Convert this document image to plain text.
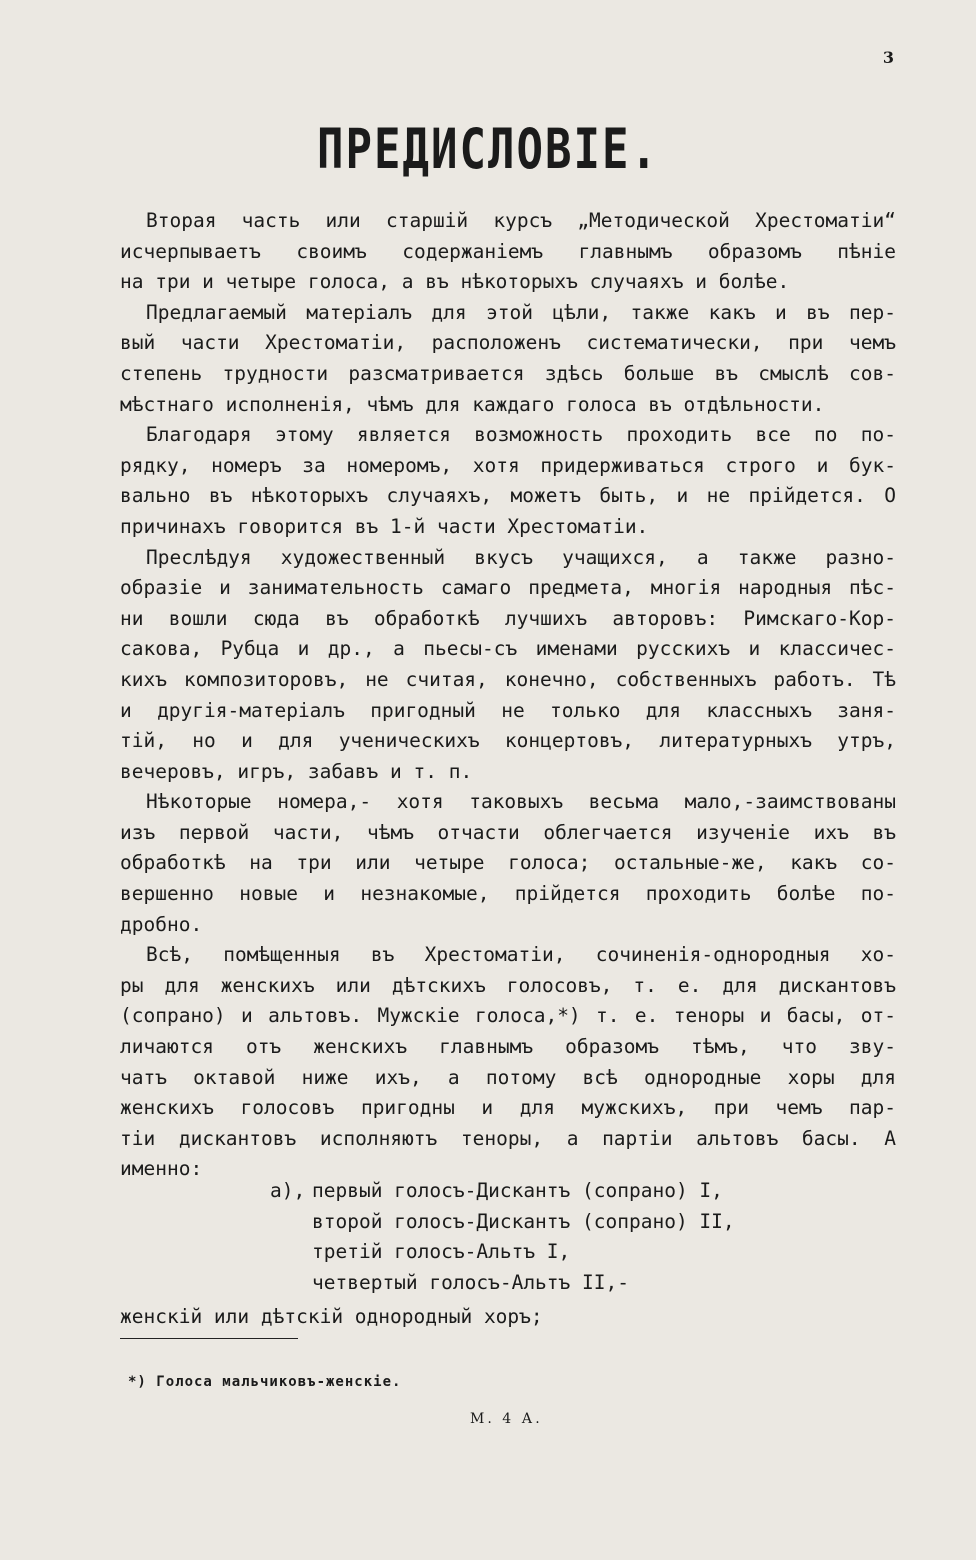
3
ПРЕДИСЛОВІЕ.
Вторая часть или старшій курсъ „Методической Хрестоматіи“
исчерпываетъ своимъ содержаніемъ главнымъ образомъ пѣніе
на три и четыре голоса, а въ нѣкоторыхъ случаяхъ и болѣе.
Предлагаемый матеріалъ для этой цѣли, также какъ и въ пер-
вый части Хрестоматіи, расположенъ систематически, при чемъ
степень трудности разсматривается здѣсь больше въ смыслѣ сов-
мѣстнаго исполненія, чѣмъ для каждаго голоса въ отдѣльности.
Благодаря этому является возможность проходить все по по-
рядку, номеръ за номеромъ, хотя придерживаться строго и бук-
вально въ нѣкоторыхъ случаяхъ, можетъ быть, и не прійдется. О
причинахъ говорится въ 1-й части Хрестоматіи.
Преслѣдуя художественный вкусъ учащихся, а также разно-
образіе и занимательность самаго предмета, многія народныя пѣс-
ни вошли сюда въ обработкѣ лучшихъ авторовъ: Римскаго-Кор-
сакова, Рубца и др., а пьесы-съ именами русскихъ и классичес-
кихъ композиторовъ, не считая, конечно, собственныхъ работъ. Тѣ
и другія-матеріалъ пригодный не только для классныхъ заня-
тій, но и для ученическихъ концертовъ, литературныхъ утръ,
вечеровъ, игръ, забавъ и т. п.
Нѣкоторые номера,- хотя таковыхъ весьма мало,-заимствованы
изъ первой части, чѣмъ отчасти облегчается изученіе ихъ въ
обработкѣ на три или четыре голоса; остальные-же, какъ со-
вершенно новые и незнакомые, прійдется проходить болѣе по-
дробно.
Всѣ, помѣщенныя въ Хрестоматіи, сочиненія-однородныя хо-
ры для женскихъ или дѣтскихъ голосовъ, т. е. для дискантовъ
(сопрано) и альтовъ. Мужскіе голоса,*) т. е. теноры и басы, от-
личаются отъ женскихъ главнымъ образомъ тѣмъ, что звy-
чатъ октавой ниже ихъ, а потому всѣ однородные хоры для
женскихъ голосовъ пригодны и для мужскихъ, при чемъ пар-
тіи дискантовъ исполняютъ теноры, а партіи альтовъ басы. А
именно:
а), первый голосъ-Дискантъ (сопрано) I,
второй голосъ-Дискантъ (сопрано) II,
третій голосъ-Альтъ I,
четвертый голосъ-Альтъ II,-
женскій или дѣтскій однородный хоръ;
*) Голоса мальчиковъ-женскіе.
М. 4 А.
